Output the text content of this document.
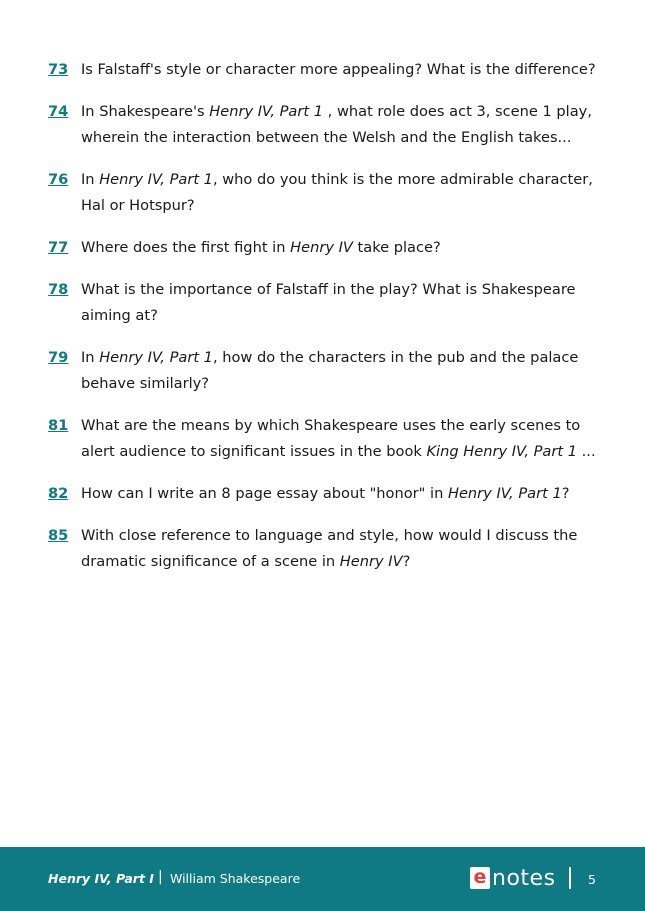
73 Is Falstaff's style or character more appealing? What is the difference?
74 In Shakespeare's Henry IV, Part 1 , what role does act 3, scene 1 play, wherein the interaction between the Welsh and the English takes...
76 In Henry IV, Part 1, who do you think is the more admirable character, Hal or Hotspur?
77 Where does the first fight in Henry IV take place?
78 What is the importance of Falstaff in the play? What is Shakespeare aiming at?
79 In Henry IV, Part 1, how do the characters in the pub and the palace behave similarly?
81 What are the means by which Shakespeare uses the early scenes to alert audience to significant issues in the book King Henry IV, Part 1 ...
82 How can I write an 8 page essay about "honor" in Henry IV, Part 1?
85 With close reference to language and style, how would I discuss the dramatic significance of a scene in Henry IV?
Henry IV, Part I | William Shakespeare	e notes	5
